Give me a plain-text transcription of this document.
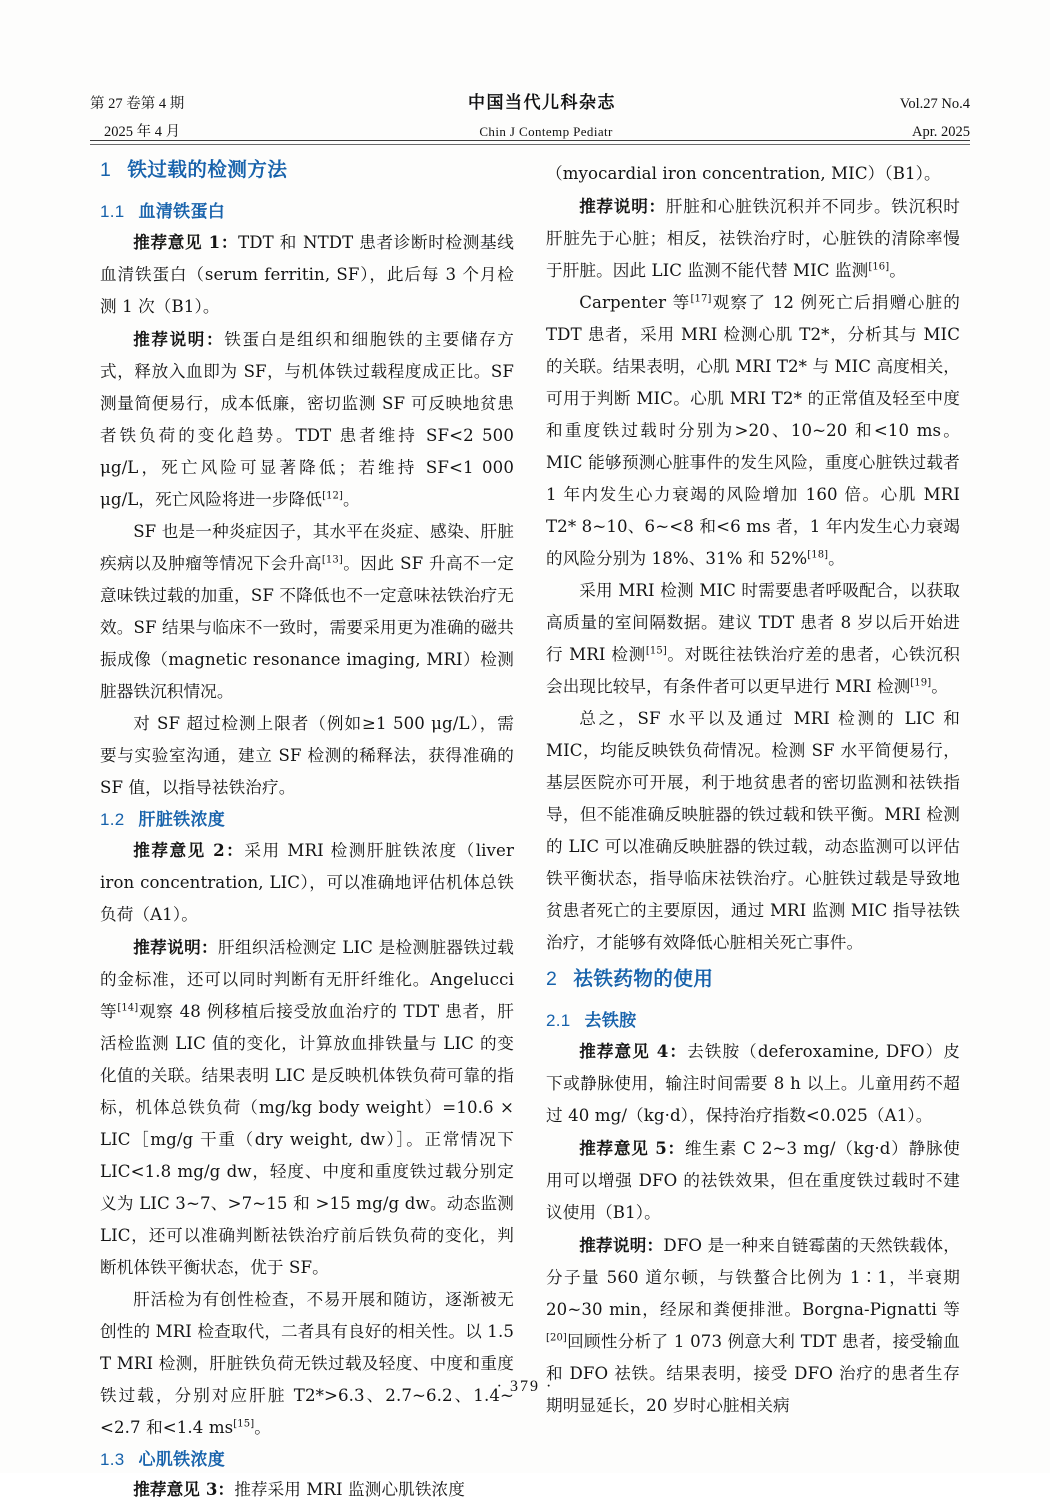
第 27 卷第 4 期	中国当代儿科杂志	Vol.27 No.4
2025 年 4 月	Chin J Contemp Pediatr	Apr. 2025
1 铁过载的检测方法
1.1 血清铁蛋白

推荐意见 1：TDT 和 NTDT 患者诊断时检测基线血清铁蛋白（serum ferritin, SF），此后每 3 个月检测 1 次（B1）。

推荐说明：铁蛋白是组织和细胞铁的主要储存方式，释放入血即为 SF，与机体铁过载程度成正比。SF 测量简便易行，成本低廉，密切监测 SF 可反映地贫患者铁负荷的变化趋势。TDT 患者维持 SF<2 500 μg/L，死亡风险可显著降低；若维持 SF<1 000 μg/L，死亡风险将进一步降低[12]。

SF 也是一种炎症因子，其水平在炎症、感染、肝脏疾病以及肿瘤等情况下会升高[13]。因此 SF 升高不一定意味铁过载的加重，SF 不降低也不一定意味祛铁治疗无效。SF 结果与临床不一致时，需要采用更为准确的磁共振成像（magnetic resonance imaging, MRI）检测脏器铁沉积情况。

对 SF 超过检测上限者（例如≥1 500 μg/L），需要与实验室沟通，建立 SF 检测的稀释法，获得准确的 SF 值，以指导祛铁治疗。

1.2 肝脏铁浓度

推荐意见 2：采用 MRI 检测肝脏铁浓度（liver iron concentration, LIC），可以准确地评估机体总铁负荷（A1）。

推荐说明：肝组织活检测定 LIC 是检测脏器铁过载的金标准，还可以同时判断有无肝纤维化。Angelucci 等[14]观察 48 例移植后接受放血治疗的 TDT 患者，肝活检监测 LIC 值的变化，计算放血排铁量与 LIC 的变化值的关联。结果表明 LIC 是反映机体铁负荷可靠的指标，机体总铁负荷（mg/kg body weight）=10.6 × LIC［mg/g 干重（dry weight, dw）］。正常情况下 LIC<1.8 mg/g dw，轻度、中度和重度铁过载分别定义为 LIC 3~7、>7~15 和 >15 mg/g dw。动态监测 LIC，还可以准确判断祛铁治疗前后铁负荷的变化，判断机体铁平衡状态，优于 SF。

肝活检为有创性检查，不易开展和随访，逐渐被无创性的 MRI 检查取代，二者具有良好的相关性。以 1.5 T MRI 检测，肝脏铁负荷无铁过载及轻度、中度和重度铁过载，分别对应肝脏 T2*>6.3、2.7~6.2、1.4~<2.7 和<1.4 ms[15]。

1.3 心肌铁浓度

推荐意见 3：推荐采用 MRI 监测心肌铁浓度

（myocardial iron concentration, MIC）（B1）。

推荐说明：肝脏和心脏铁沉积并不同步。铁沉积时肝脏先于心脏；相反，祛铁治疗时，心脏铁的清除率慢于肝脏。因此 LIC 监测不能代替 MIC 监测[16]。

Carpenter 等[17]观察了 12 例死亡后捐赠心脏的 TDT 患者，采用 MRI 检测心肌 T2*，分析其与 MIC 的关联。结果表明，心肌 MRI T2* 与 MIC 高度相关，可用于判断 MIC。心肌 MRI T2* 的正常值及轻至中度和重度铁过载时分别为>20、10~20 和<10 ms。MIC 能够预测心脏事件的发生风险，重度心脏铁过载者 1 年内发生心力衰竭的风险增加 160 倍。心肌 MRI T2* 8~10、6~<8 和<6 ms 者，1 年内发生心力衰竭的风险分别为 18%、31% 和 52%[18]。

采用 MRI 检测 MIC 时需要患者呼吸配合，以获取高质量的室间隔数据。建议 TDT 患者 8 岁以后开始进行 MRI 检测[15]。对既往祛铁治疗差的患者，心铁沉积会出现比较早，有条件者可以更早进行 MRI 检测[19]。

总之，SF 水平以及通过 MRI 检测的 LIC 和 MIC，均能反映铁负荷情况。检测 SF 水平简便易行，基层医院亦可开展，利于地贫患者的密切监测和祛铁指导，但不能准确反映脏器的铁过载和铁平衡。MRI 检测的 LIC 可以准确反映脏器的铁过载，动态监测可以评估铁平衡状态，指导临床祛铁治疗。心脏铁过载是导致地贫患者死亡的主要原因，通过 MRI 监测 MIC 指导祛铁治疗，才能够有效降低心脏相关死亡事件。

2 祛铁药物的使用
2.1 去铁胺

推荐意见 4：去铁胺（deferoxamine, DFO）皮下或静脉使用，输注时间需要 8 h 以上。儿童用药不超过 40 mg/（kg·d），保持治疗指数<0.025（A1）。

推荐意见 5：维生素 C 2~3 mg/（kg·d）静脉使用可以增强 DFO 的祛铁效果，但在重度铁过载时不建议使用（B1）。

推荐说明：DFO 是一种来自链霉菌的天然铁载体，分子量 560 道尔顿，与铁螯合比例为 1∶1，半衰期 20~30 min，经尿和粪便排泄。Borgna-Pignatti 等[20]回顾性分析了 1 073 例意大利 TDT 患者，接受输血和 DFO 祛铁。结果表明，接受 DFO 治疗的患者生存期明显延长，20 岁时心脏相关病

· 379 ·
